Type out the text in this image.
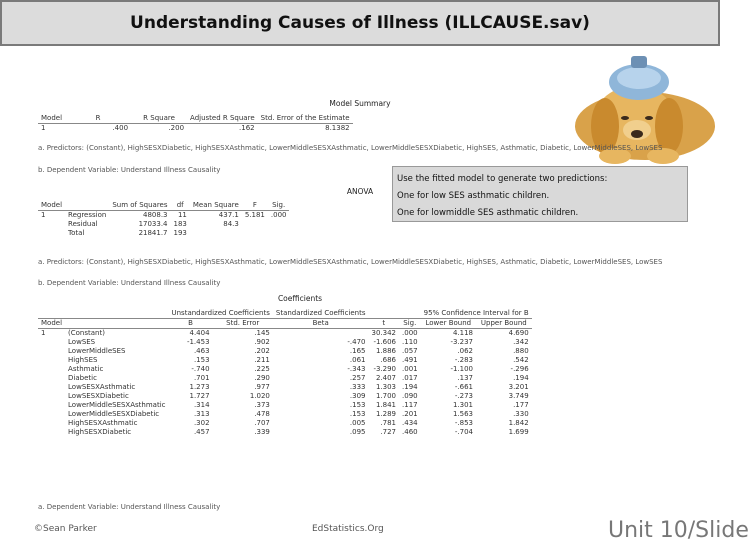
Understanding Causes of Illness (ILLCAUSE.sav)
Model Summary
Model	R	R Square	Adjusted R Square	Std. Error of the Estimate
1	.400	.200	.162	8.1382
a. Predictors: (Constant), HighSESXDiabetic, HighSESXAsthmatic, LowerMiddleSESXAsthmatic, LowerMiddleSESXDiabetic, HighSES, Asthmatic, Diabetic, LowerMiddleSES, LowSES
b. Dependent Variable: Understand Illness Causality
Use the fitted model to generate two predictions:
One for low SES asthmatic children.
One for lowmiddle SES asthmatic children.
ANOVA
Model		Sum of Squares	df	Mean Square	F	Sig.
1	Regression	4808.3	11	437.1	5.181	.000
	Residual	17033.4	183	84.3		
	Total	21841.7	193			
a. Predictors: (Constant), HighSESXDiabetic, HighSESXAsthmatic, LowerMiddleSESXAsthmatic, LowerMiddleSESXDiabetic, HighSES, Asthmatic, Diabetic, LowerMiddleSES, LowSES
b. Dependent Variable: Understand Illness Causality
Coefficients
		Unstandardized Coefficients		Standardized Coefficients			95% Confidence Interval for B	
Model		B	Std. Error	Beta	t	Sig.	Lower Bound	Upper Bound
1	(Constant)	4.404	.145		30.342	.000	4.118	4.690
	LowSES	-1.453	.902	-.470	-1.606	.110	-3.237	.342
	LowerMiddleSES	.463	.202	.165	1.886	.057	.062	.880
	HighSES	.153	.211	.061	.686	.491	-.283	.542
	Asthmatic	-.740	.225	-.343	-3.290	.001	-1.100	-.296
	Diabetic	.701	.290	.257	2.407	.017	.137	.194
	LowSESXAsthmatic	1.273	.977	.333	1.303	.194	-.661	3.201
	LowSESXDiabetic	1.727	1.020	.309	1.700	.090	-.273	3.749
	LowerMiddleSESXAsthmatic	.314	.373	.153	1.841	.117	1.301	.177
	LowerMiddleSESXDiabetic	.313	.478	.153	1.289	.201	1.563	.330
	HighSESXAsthmatic	.302	.707	.005	.781	.434	-.853	1.842
	HighSESXDiabetic	.457	.339	.095	.727	.460	-.704	1.699
a. Dependent Variable: Understand Illness Causality
©Sean Parker	EdStatistics.Org	Unit 10/Slide
